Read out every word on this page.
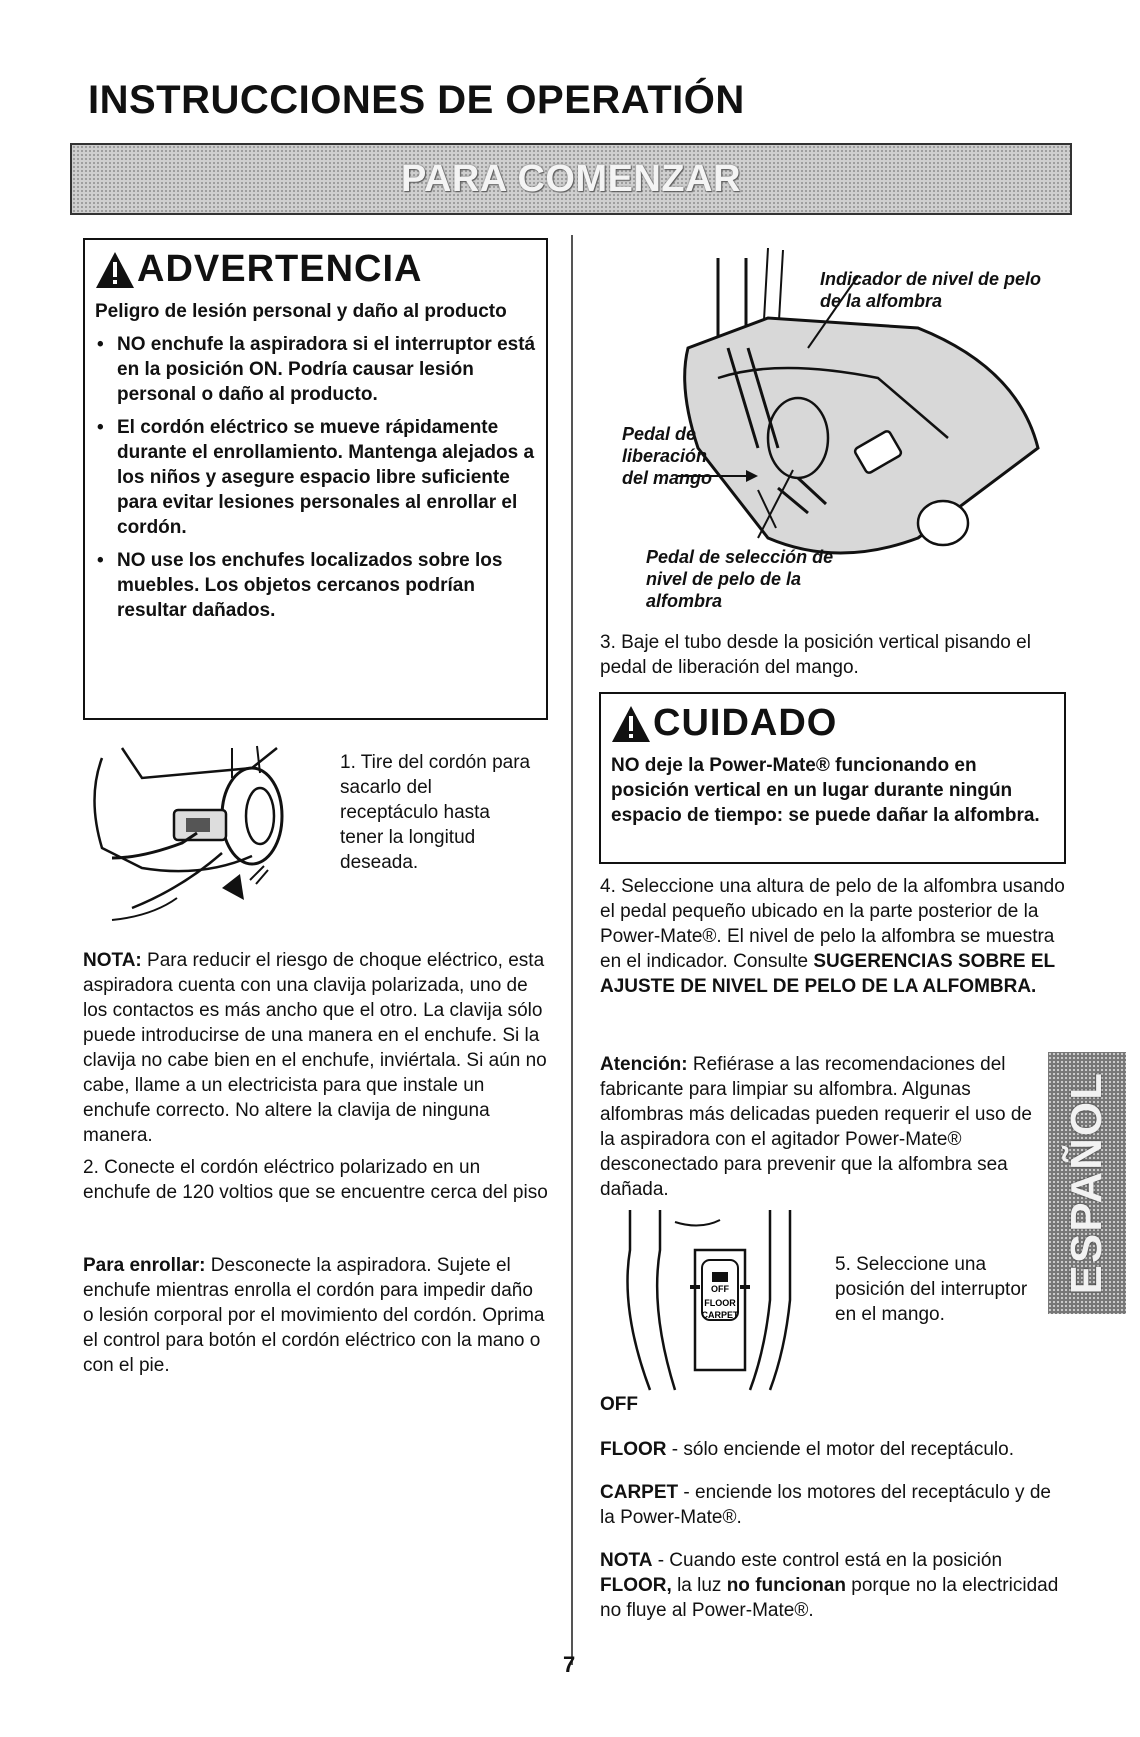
INSTRUCCIONES DE OPERATIÓN
PARA COMENZAR
ADVERTENCIA

Peligro de lesión personal y daño al producto

• NO enchufe la aspiradora si el interruptor está en la posición ON. Podría causar lesión personal o daño al producto.
• El cordón eléctrico se mueve rápidamente durante el enrollamiento. Mantenga alejados a los niños y asegure espacio libre suficiente para evitar lesiones personales al enrollar el cordón.
• NO use los enchufes localizados sobre los muebles. Los objetos cercanos podrían resultar dañados.

1. Tire del cordón para sacarlo del receptáculo hasta tener la longitud deseada.

NOTA: Para reducir el riesgo de choque eléctrico, esta aspiradora cuenta con una clavija polarizada, uno de los contactos es más ancho que el otro. La clavija sólo puede introducirse de una manera en el enchufe. Si la clavija no cabe bien en el enchufe, inviértala. Si aún no cabe, llame a un electricista para que instale un enchufe correcto. No altere la clavija de ninguna manera.

2. Conecte el cordón eléctrico polarizado en un enchufe de 120 voltios que se encuentre cerca del piso

Para enrollar: Desconecte la aspiradora. Sujete el enchufe mientras enrolla el cordón para impedir daño o lesión corporal por el movimiento del cordón. Oprima el control para botón el cordón eléctrico con la mano o con el pie.

Indicador de nivel de pelo de la alfombra
Pedal de liberación del mango
Pedal de selección de nivel de pelo de la alfombra

3. Baje el tubo desde la posición vertical pisando el pedal de liberación del mango.

CUIDADO

NO deje la Power-Mate® funcionando en posición vertical en un lugar durante ningún espacio de tiempo: se puede dañar la alfombra.

4. Seleccione una altura de pelo de la alfombra usando el pedal pequeño ubicado en la parte posterior de la Power-Mate®. El nivel de pelo la alfombra se muestra en el indicador. Consulte SUGERENCIAS SOBRE EL AJUSTE DE NIVEL DE PELO DE LA ALFOMBRA.

Atención: Refiérase a las recomendaciones del fabricante para limpiar su alfombra. Algunas alfombras más delicadas pueden requerir el uso de la aspiradora con el agitador Power-Mate® desconectado para prevenir que la alfombra sea dañada.

OFF
FLOOR
CARPET

5. Seleccione una posición del interruptor en el mango.

OFF

FLOOR - sólo enciende el motor del receptáculo.

CARPET - enciende los motores del receptáculo y de la Power-Mate®.

NOTA - Cuando este control está en la posición FLOOR, la luz no funcionan porque no la electricidad no fluye al Power-Mate®.

ESPAÑOL
7
